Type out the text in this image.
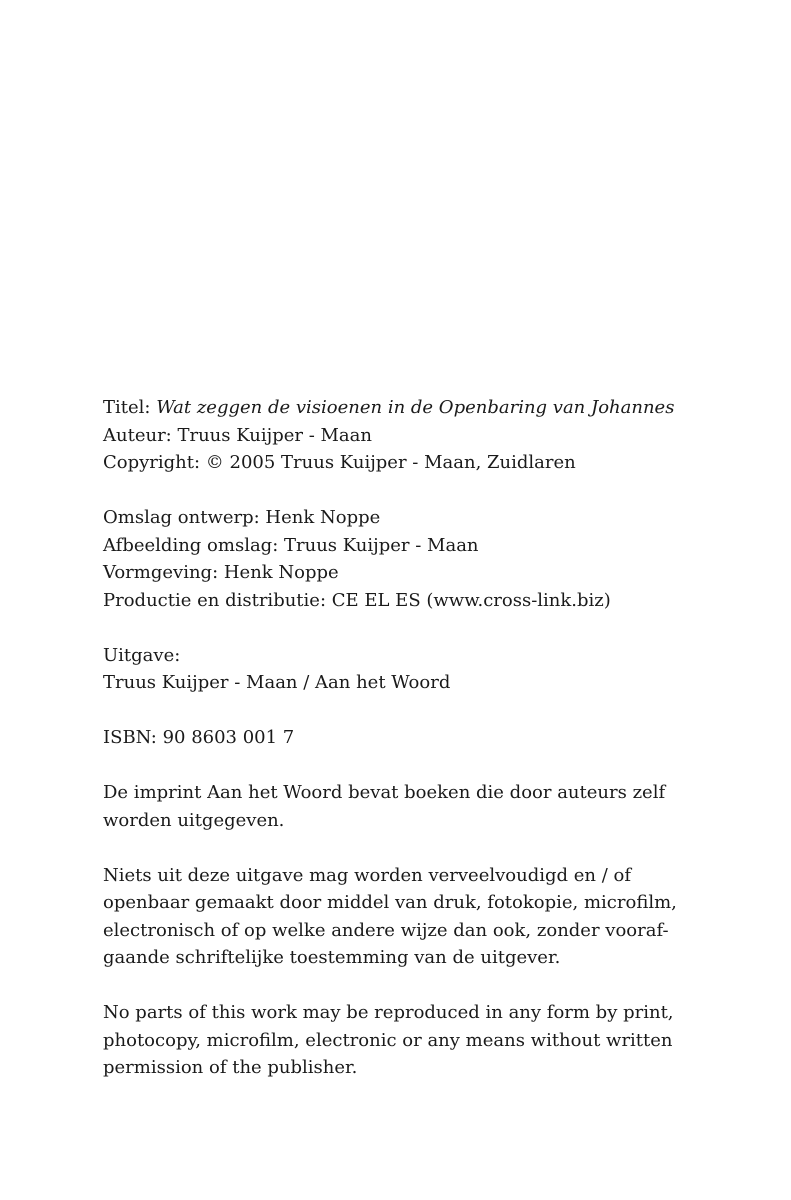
Titel: Wat zeggen de visioenen in de Openbaring van Johannes
Auteur: Truus Kuijper - Maan
Copyright: © 2005 Truus Kuijper - Maan, Zuidlaren
Omslag ontwerp: Henk Noppe
Afbeelding omslag: Truus Kuijper - Maan
Vormgeving: Henk Noppe
Productie en distributie: CE EL ES (www.cross-link.biz)
Uitgave:
Truus Kuijper - Maan / Aan het Woord
ISBN: 90 8603 001 7
De imprint Aan het Woord bevat boeken die door auteurs zelf
worden uitgegeven.
Niets uit deze uitgave mag worden verveelvoudigd en / of
openbaar gemaakt door middel van druk, fotokopie, microfilm,
electronisch of op welke andere wijze dan ook, zonder vooraf-
gaande schriftelijke toestemming van de uitgever.
No parts of this work may be reproduced in any form by print,
photocopy, microfilm, electronic or any means without written
permission of the publisher.
